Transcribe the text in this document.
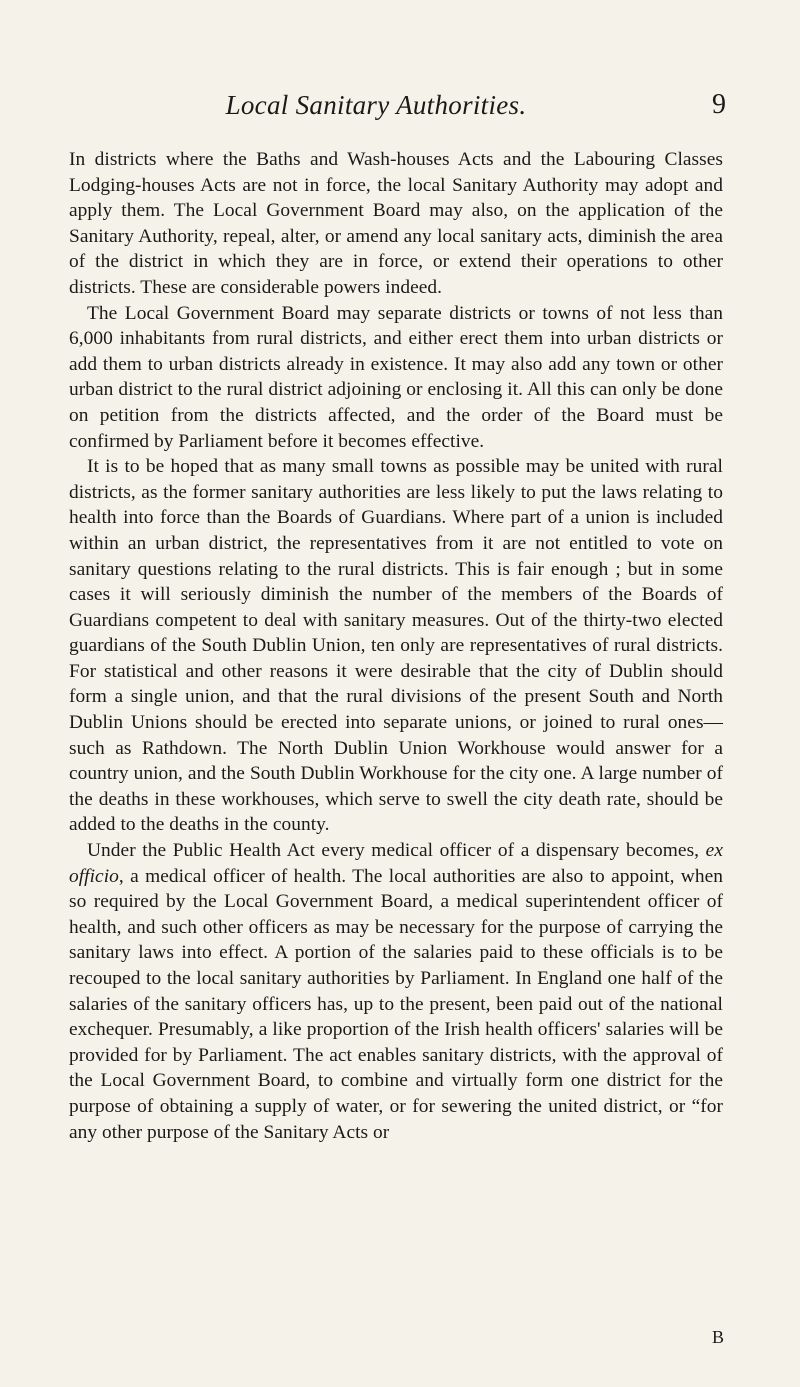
Local Sanitary Authorities.	9

In districts where the Baths and Wash-houses Acts and the Labouring Classes Lodging-houses Acts are not in force, the local Sanitary Authority may adopt and apply them. The Local Government Board may also, on the application of the Sanitary Authority, repeal, alter, or amend any local sanitary acts, diminish the area of the district in which they are in force, or extend their operations to other districts. These are considerable powers indeed.

The Local Government Board may separate districts or towns of not less than 6,000 inhabitants from rural districts, and either erect them into urban districts or add them to urban districts already in existence. It may also add any town or other urban district to the rural district adjoining or enclosing it. All this can only be done on petition from the districts affected, and the order of the Board must be confirmed by Parliament before it becomes effective.

It is to be hoped that as many small towns as possible may be united with rural districts, as the former sanitary authorities are less likely to put the laws relating to health into force than the Boards of Guardians. Where part of a union is included within an urban district, the representatives from it are not entitled to vote on sanitary questions relating to the rural districts. This is fair enough ; but in some cases it will seriously diminish the number of the members of the Boards of Guardians competent to deal with sanitary measures. Out of the thirty-two elected guardians of the South Dublin Union, ten only are representatives of rural districts. For statistical and other reasons it were desirable that the city of Dublin should form a single union, and that the rural divisions of the present South and North Dublin Unions should be erected into separate unions, or joined to rural ones—such as Rathdown. The North Dublin Union Workhouse would answer for a country union, and the South Dublin Workhouse for the city one. A large number of the deaths in these workhouses, which serve to swell the city death rate, should be added to the deaths in the county.

Under the Public Health Act every medical officer of a dispensary becomes, ex officio, a medical officer of health. The local authorities are also to appoint, when so required by the Local Government Board, a medical superintendent officer of health, and such other officers as may be necessary for the purpose of carrying the sanitary laws into effect. A portion of the salaries paid to these officials is to be recouped to the local sanitary authorities by Parliament. In England one half of the salaries of the sanitary officers has, up to the present, been paid out of the national exchequer. Presumably, a like proportion of the Irish health officers' salaries will be provided for by Parliament. The act enables sanitary districts, with the approval of the Local Government Board, to combine and virtually form one district for the purpose of obtaining a supply of water, or for sewering the united district, or “for any other purpose of the Sanitary Acts or

B
